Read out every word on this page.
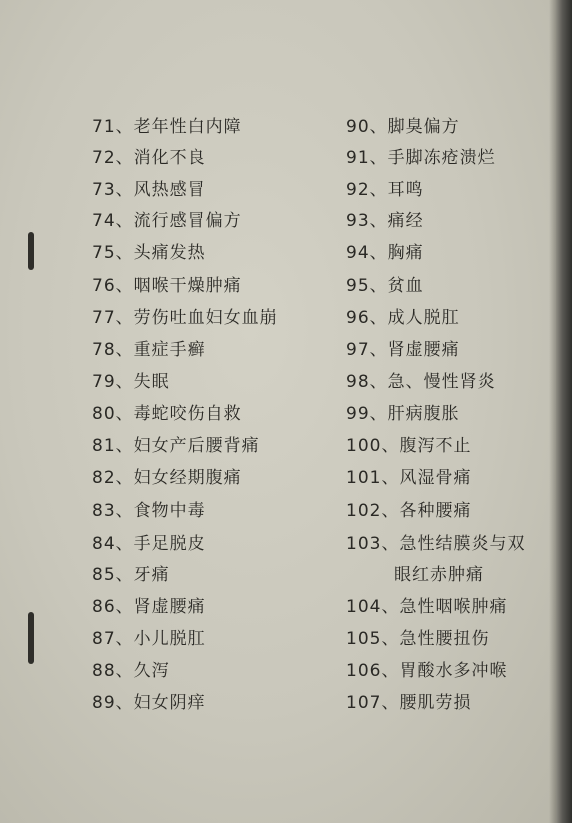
71、老年性白内障
72、消化不良
73、风热感冒
74、流行感冒偏方
75、头痛发热
76、咽喉干燥肿痛
77、劳伤吐血妇女血崩
78、重症手癣
79、失眠
80、毒蛇咬伤自救
81、妇女产后腰背痛
82、妇女经期腹痛
83、食物中毒
84、手足脱皮
85、牙痛
86、肾虚腰痛
87、小儿脱肛
88、久泻
89、妇女阴痒
90、脚臭偏方
91、手脚冻疮溃烂
92、耳鸣
93、痛经
94、胸痛
95、贫血
96、成人脱肛
97、肾虚腰痛
98、急、慢性肾炎
99、肝病腹胀
100、腹泻不止
101、风湿骨痛
102、各种腰痛
103、急性结膜炎与双
眼红赤肿痛
104、急性咽喉肿痛
105、急性腰扭伤
106、胃酸水多冲喉
107、腰肌劳损
